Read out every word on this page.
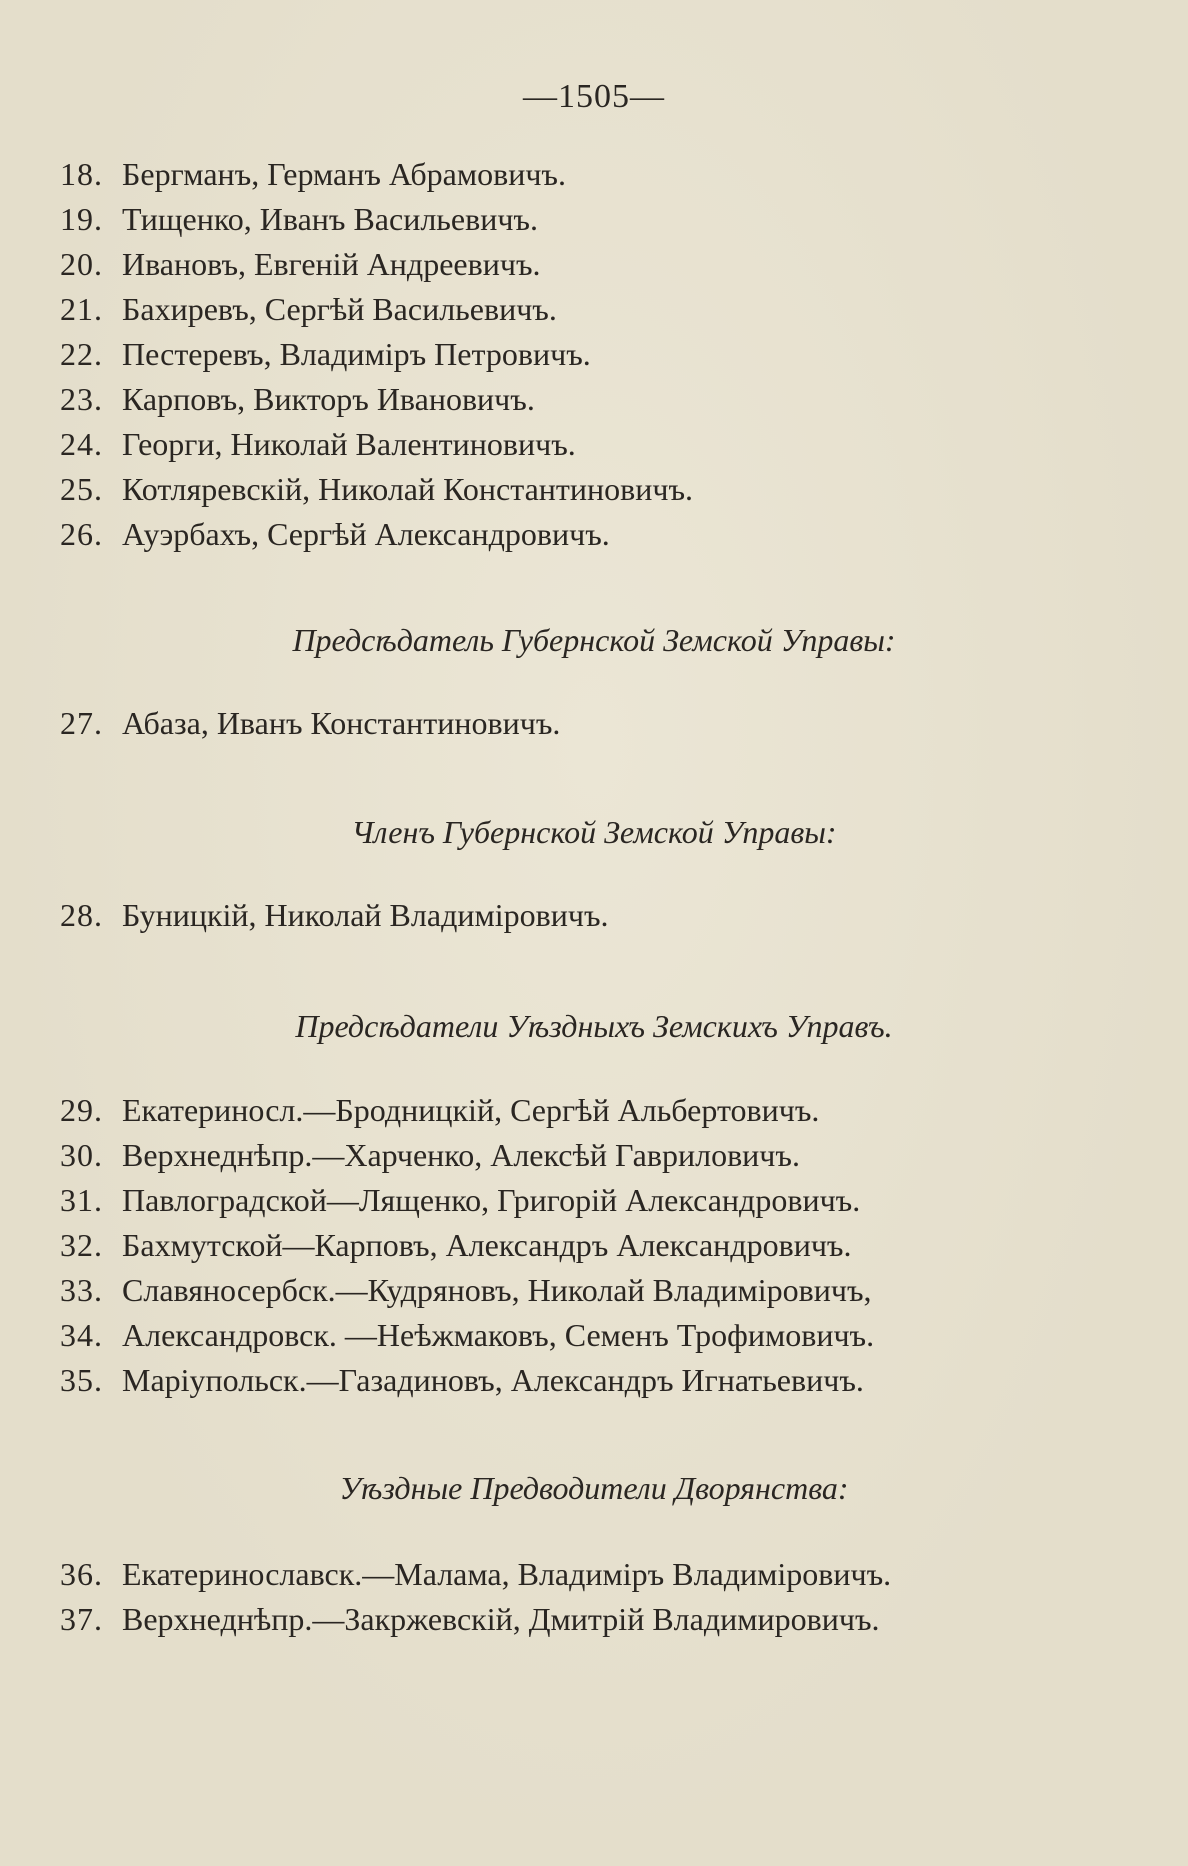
—1505—
18. Бергманъ, Германъ Абрамовичъ.
19. Тищенко, Иванъ Васильевичъ.
20. Ивановъ, Евгеній Андреевичъ.
21. Бахиревъ, Сергѣй Васильевичъ.
22. Пестеревъ, Владиміръ Петровичъ.
23. Карповъ, Викторъ Ивановичъ.
24. Георги, Николай Валентиновичъ.
25. Котляревскій, Николай Константиновичъ.
26. Ауэрбахъ, Сергѣй Александровичъ.
Предсѣдатель Губернской Земской Управы:
27. Абаза, Иванъ Константиновичъ.
Членъ Губернской Земской Управы:
28. Буницкій, Николай Владиміровичъ.
Предсѣдатели Уѣздныхъ Земскихъ Управъ.
29. Екатериносл.—Бродницкій, Сергѣй Альбертовичъ.
30. Верхнеднѣпр.—Харченко, Алексѣй Гавриловичъ.
31. Павлоградской—Лященко, Григорій Александровичъ.
32. Бахмутской—Карповъ, Александръ Александровичъ.
33. Славяносербск.—Кудряновъ, Николай Владиміровичъ,
34. Александровск. —Неѣжмаковъ, Семенъ Трофимовичъ.
35. Маріупольск.—Газадиновъ, Александръ Игнатьевичъ.
Уѣздные Предводители Дворянства:
36. Екатеринославск.—Малама, Владиміръ Владиміровичъ.
37. Верхнеднѣпр.—Закржевскій, Дмитрій Владимировичъ.
